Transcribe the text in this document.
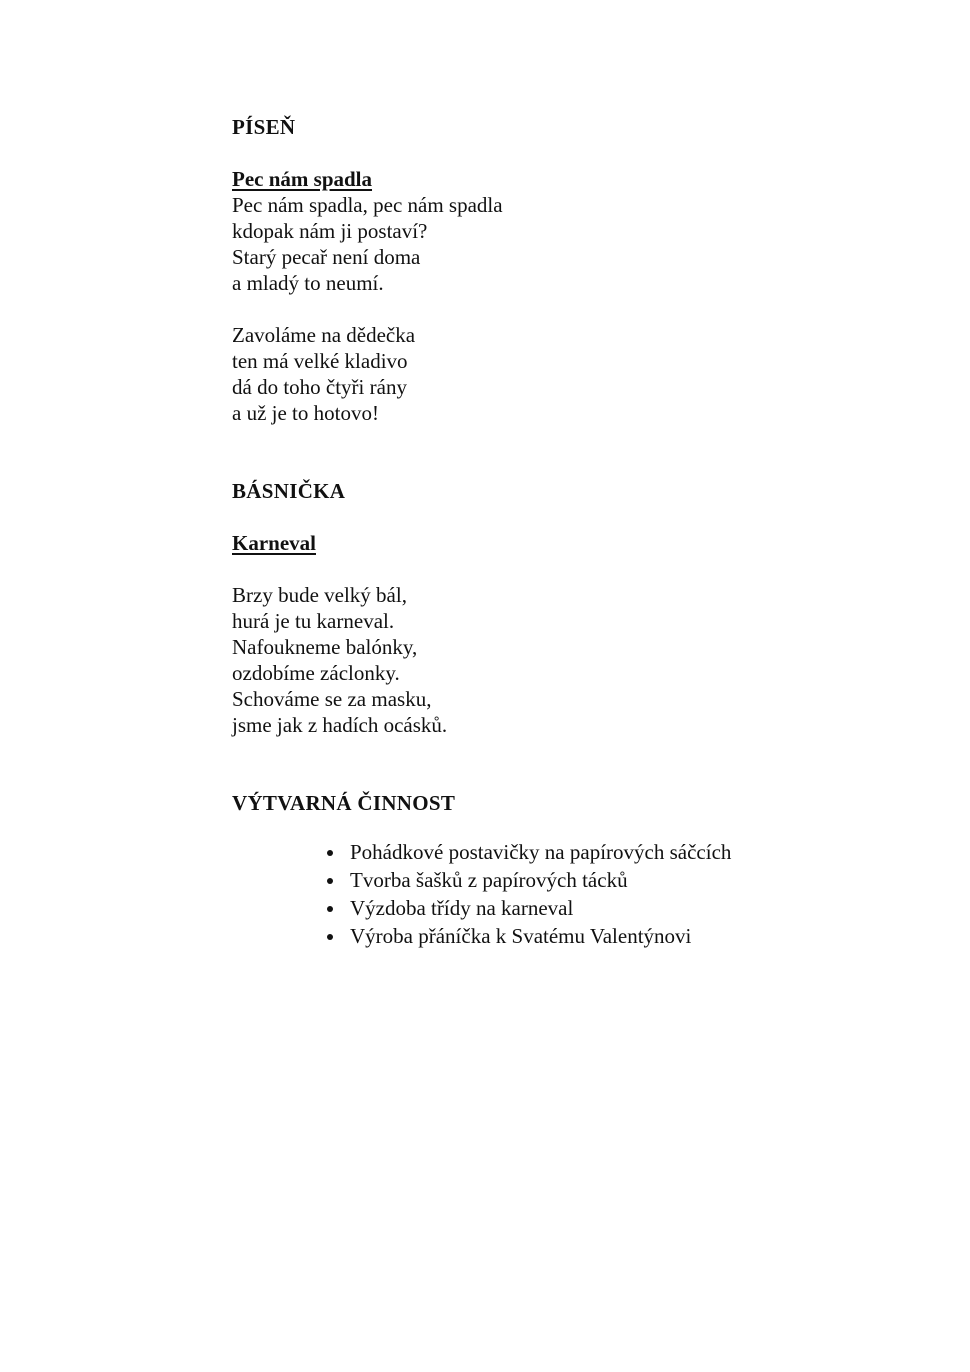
PÍSEŇ

Pec nám spadla

Pec nám spadla, pec nám spadla
kdopak nám ji postaví?
Starý pecař není doma
a mladý to neumí.
Zavoláme na dědečka
ten má velké kladivo
dá do toho čtyři rány
a už je to hotovo!
BÁSNIČKA

Karneval

Brzy bude velký bál,
hurá je tu karneval.
Nafoukneme balónky,
ozdobíme záclonky.
Schováme se za masku,
jsme jak z hadích ocásků.
VÝTVARNÁ ČINNOST
• Pohádkové postavičky na papírových sáčcích
• Tvorba šašků z papírových tácků
• Výzdoba třídy na karneval
• Výroba přáníčka k Svatému Valentýnovi
